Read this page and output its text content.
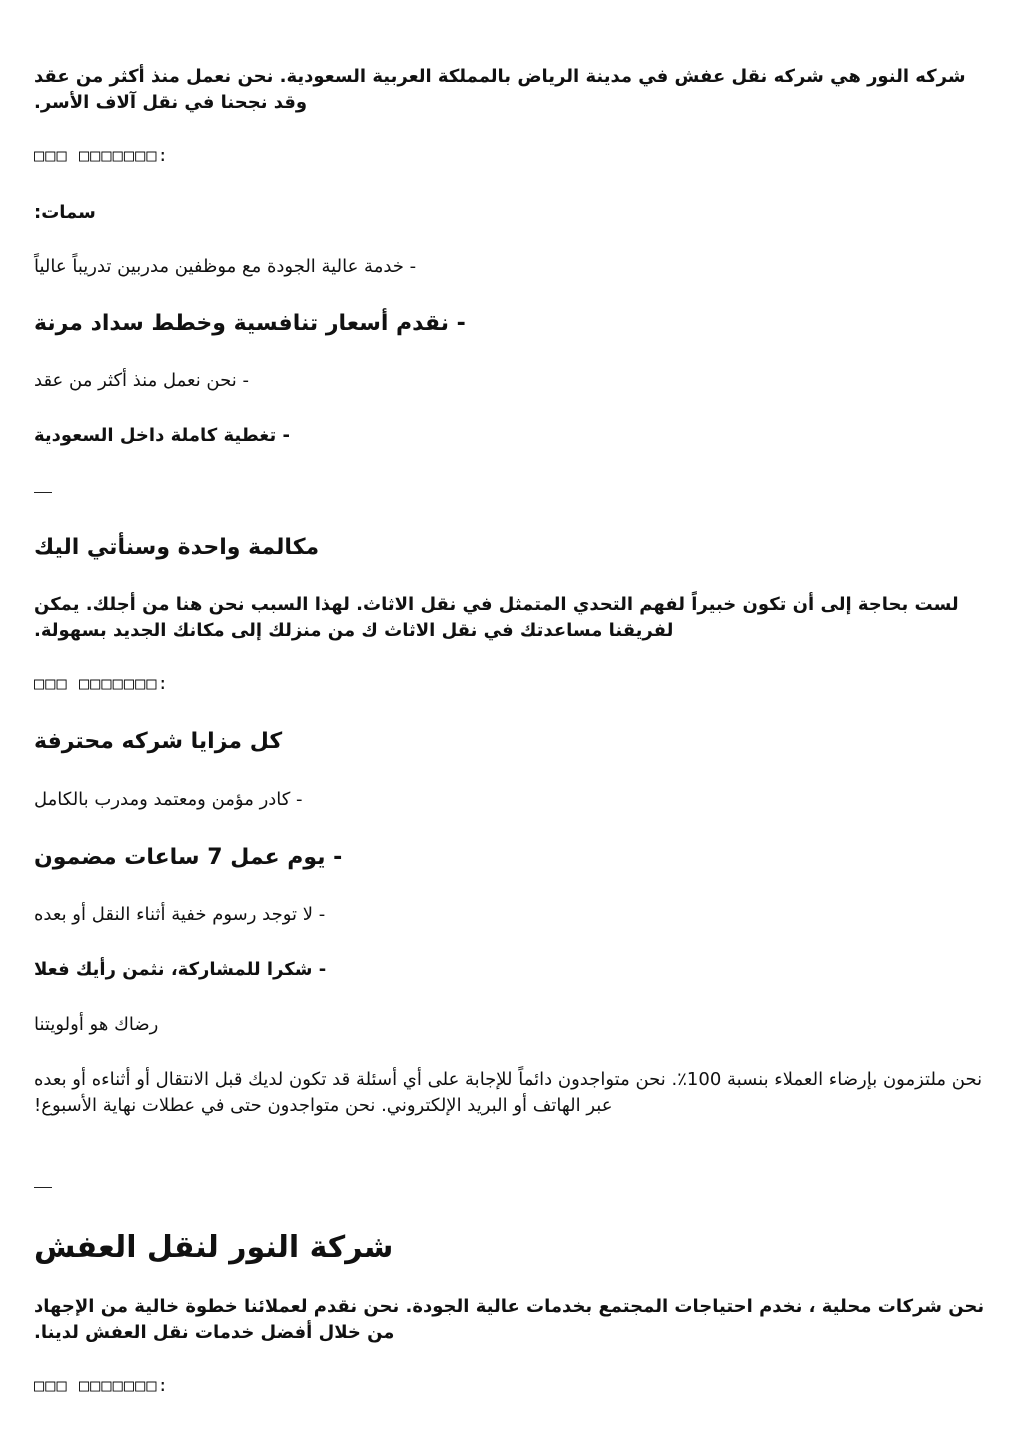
شركه النور هي شركه نقل عفش في مدينة الرياض بالمملكة العربية السعودية. نحن نعمل منذ أكثر من عقد وقد نجحنا في نقل آلاف الأسر.

□□□ □□□□□□□:

سمات:

- خدمة عالية الجودة مع موظفين مدربين تدريباً عالياً

- نقدم أسعار تنافسية وخطط سداد مرنة

- نحن نعمل منذ أكثر من عقد

- تغطية كاملة داخل السعودية

مكالمة واحدة وسنأتي اليك

لست بحاجة إلى أن تكون خبيراً لفهم التحدي المتمثل في نقل الاثاث. لهذا السبب نحن هنا من أجلك. يمكن لفريقنا مساعدتك في نقل الاثاث ك من منزلك إلى مكانك الجديد بسهولة.

□□□ □□□□□□□:

كل مزايا شركه محترفة

- كادر مؤمن ومعتمد ومدرب بالكامل

- يوم عمل 7 ساعات مضمون

- لا توجد رسوم خفية أثناء النقل أو بعده

- شكرا للمشاركة، نثمن رأيك فعلا

رضاك هو أولويتنا

نحن ملتزمون بإرضاء العملاء بنسبة 100٪. نحن متواجدون دائماً للإجابة على أي أسئلة قد تكون لديك قبل الانتقال أو أثناءه أو بعده عبر الهاتف أو البريد الإلكتروني. نحن متواجدون حتى في عطلات نهاية الأسبوع!

شركة النور لنقل العفش

نحن شركات محلية ، نخدم احتياجات المجتمع بخدمات عالية الجودة. نحن نقدم لعملائنا خطوة خالية من الإجهاد من خلال أفضل خدمات نقل العفش لدينا.

□□□ □□□□□□□:
